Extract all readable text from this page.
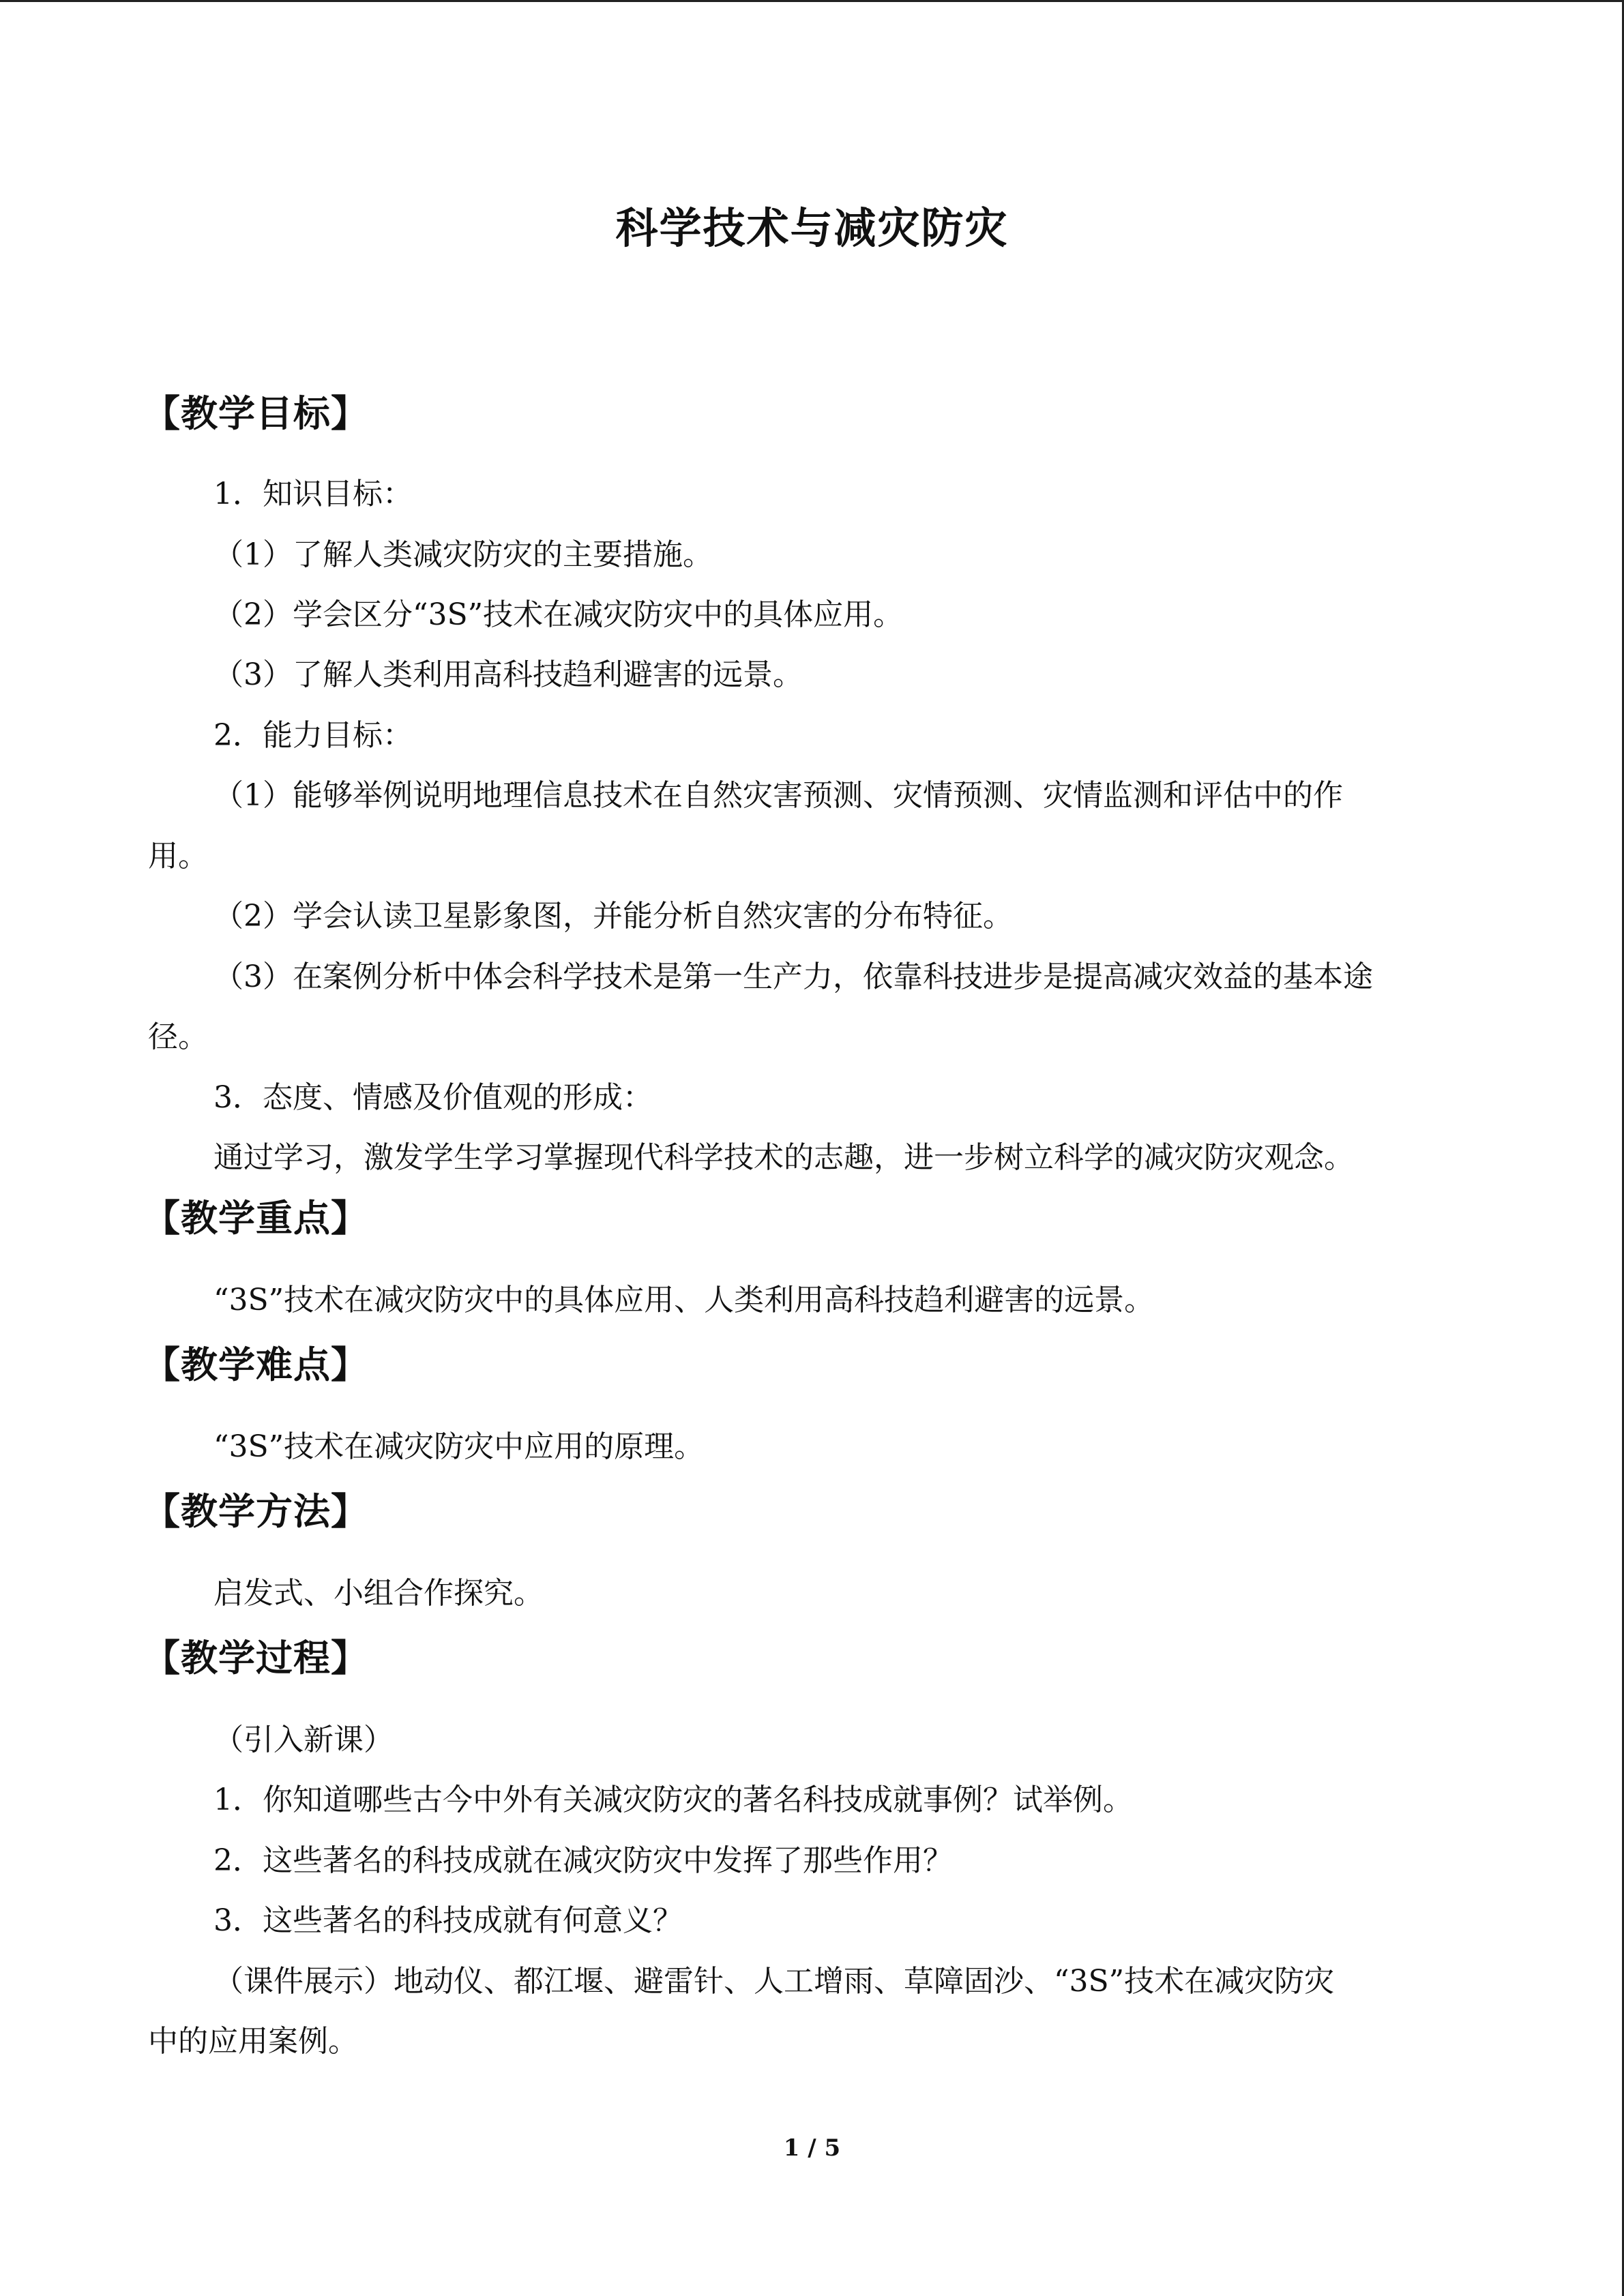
科学技术与减灾防灾
【教学目标】
1．知识目标：
（1）了解人类减灾防灾的主要措施。
（2）学会区分“3S”技术在减灾防灾中的具体应用。
（3）了解人类利用高科技趋利避害的远景。
2．能力目标：
（1）能够举例说明地理信息技术在自然灾害预测、灾情预测、灾情监测和评估中的作
用。
（2）学会认读卫星影象图，并能分析自然灾害的分布特征。
（3）在案例分析中体会科学技术是第一生产力，依靠科技进步是提高减灾效益的基本途
径。
3．态度、情感及价值观的形成：
通过学习，激发学生学习掌握现代科学技术的志趣，进一步树立科学的减灾防灾观念。
【教学重点】
“3S”技术在减灾防灾中的具体应用、人类利用高科技趋利避害的远景。
【教学难点】
“3S”技术在减灾防灾中应用的原理。
【教学方法】
启发式、小组合作探究。
【教学过程】
（引入新课）
1．你知道哪些古今中外有关减灾防灾的著名科技成就事例？试举例。
2．这些著名的科技成就在减灾防灾中发挥了那些作用？
3．这些著名的科技成就有何意义？
（课件展示）地动仪、都江堰、避雷针、人工增雨、草障固沙、“3S”技术在减灾防灾
中的应用案例。
1 / 5
